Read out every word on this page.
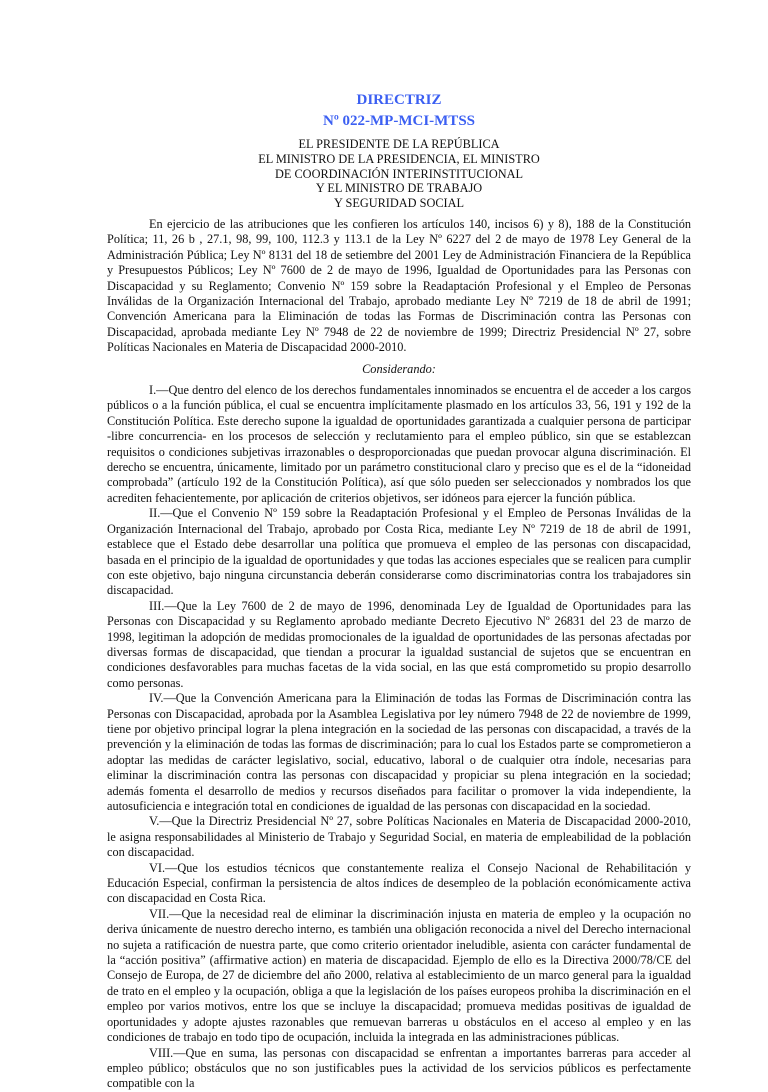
DIRECTRIZ
Nº 022-MP-MCI-MTSS
EL PRESIDENTE DE LA REPÚBLICA
EL MINISTRO DE LA PRESIDENCIA, EL MINISTRO
DE COORDINACIÓN INTERINSTITUCIONAL
Y EL MINISTRO DE TRABAJO
Y SEGURIDAD SOCIAL

En ejercicio de las atribuciones que les confieren los artículos 140, incisos 6) y 8), 188 de la Constitución Política; 11, 26 b , 27.1, 98, 99, 100, 112.3 y 113.1 de la Ley Nº 6227 del 2 de mayo de 1978 Ley General de la Administración Pública; Ley Nº 8131 del 18 de setiembre del 2001 Ley de Administración Financiera de la República y Presupuestos Públicos; Ley Nº 7600 de 2 de mayo de 1996, Igualdad de Oportunidades para las Personas con Discapacidad y su Reglamento; Convenio Nº 159 sobre la Readaptación Profesional y el Empleo de Personas Inválidas de la Organización Internacional del Trabajo, aprobado mediante Ley Nº 7219 de 18 de abril de 1991; Convención Americana para la Eliminación de todas las Formas de Discriminación contra las Personas con Discapacidad, aprobada mediante Ley Nº 7948 de 22 de noviembre de 1999; Directriz Presidencial Nº 27, sobre Políticas Nacionales en Materia de Discapacidad 2000-2010.

Considerando:

I.—Que dentro del elenco de los derechos fundamentales innominados se encuentra el de acceder a los cargos públicos o a la función pública, el cual se encuentra implícitamente plasmado en los artículos 33, 56, 191 y 192 de la Constitución Política. Este derecho supone la igualdad de oportunidades garantizada a cualquier persona de participar -libre concurrencia- en los procesos de selección y reclutamiento para el empleo público, sin que se establezcan requisitos o condiciones subjetivas irrazonables o desproporcionadas que puedan provocar alguna discriminación. El derecho se encuentra, únicamente, limitado por un parámetro constitucional claro y preciso que es el de la “idoneidad comprobada” (artículo 192 de la Constitución Política), así que sólo pueden ser seleccionados y nombrados los que acrediten fehacientemente, por aplicación de criterios objetivos, ser idóneos para ejercer la función pública.

II.—Que el Convenio Nº 159 sobre la Readaptación Profesional y el Empleo de Personas Inválidas de la Organización Internacional del Trabajo, aprobado por Costa Rica, mediante Ley Nº 7219 de 18 de abril de 1991, establece que el Estado debe desarrollar una política que promueva el empleo de las personas con discapacidad, basada en el principio de la igualdad de oportunidades y que todas las acciones especiales que se realicen para cumplir con este objetivo, bajo ninguna circunstancia deberán considerarse como discriminatorias contra los trabajadores sin discapacidad.

III.—Que la Ley 7600 de 2 de mayo de 1996, denominada Ley de Igualdad de Oportunidades para las Personas con Discapacidad y su Reglamento aprobado mediante Decreto Ejecutivo Nº 26831 del 23 de marzo de 1998, legitiman la adopción de medidas promocionales de la igualdad de oportunidades de las personas afectadas por diversas formas de discapacidad, que tiendan a procurar la igualdad sustancial de sujetos que se encuentran en condiciones desfavorables para muchas facetas de la vida social, en las que está comprometido su propio desarrollo como personas.

IV.—Que la Convención Americana para la Eliminación de todas las Formas de Discriminación contra las Personas con Discapacidad, aprobada por la Asamblea Legislativa por ley número 7948 de 22 de noviembre de 1999, tiene por objetivo principal lograr la plena integración en la sociedad de las personas con discapacidad, a través de la prevención y la eliminación de todas las formas de discriminación; para lo cual los Estados parte se comprometieron a adoptar las medidas de carácter legislativo, social, educativo, laboral o de cualquier otra índole, necesarias para eliminar la discriminación contra las personas con discapacidad y propiciar su plena integración en la sociedad; además fomenta el desarrollo de medios y recursos diseñados para facilitar o promover la vida independiente, la autosuficiencia e integración total en condiciones de igualdad de las personas con discapacidad en la sociedad.

V.—Que la Directriz Presidencial Nº 27, sobre Políticas Nacionales en Materia de Discapacidad 2000-2010, le asigna responsabilidades al Ministerio de Trabajo y Seguridad Social, en materia de empleabilidad de la población con discapacidad.

VI.—Que los estudios técnicos que constantemente realiza el Consejo Nacional de Rehabilitación y Educación Especial, confirman la persistencia de altos índices de desempleo de la población económicamente activa con discapacidad en Costa Rica.

VII.—Que la necesidad real de eliminar la discriminación injusta en materia de empleo y la ocupación no deriva únicamente de nuestro derecho interno, es también una obligación reconocida a nivel del Derecho internacional no sujeta a ratificación de nuestra parte, que como criterio orientador ineludible, asienta con carácter fundamental de la “acción positiva” (affirmative action) en materia de discapacidad. Ejemplo de ello es la Directiva 2000/78/CE del Consejo de Europa, de 27 de diciembre del año 2000, relativa al establecimiento de un marco general para la igualdad de trato en el empleo y la ocupación, obliga a que la legislación de los países europeos prohiba la discriminación en el empleo por varios motivos, entre los que se incluye la discapacidad; promueva medidas positivas de igualdad de oportunidades y adopte ajustes razonables que remuevan barreras u obstáculos en el acceso al empleo y en las condiciones de trabajo en todo tipo de ocupación, incluida la integrada en las administraciones públicas.

VIII.—Que en suma, las personas con discapacidad se enfrentan a importantes barreras para acceder al empleo público; obstáculos que no son justificables pues la actividad de los servicios públicos es perfectamente compatible con la
